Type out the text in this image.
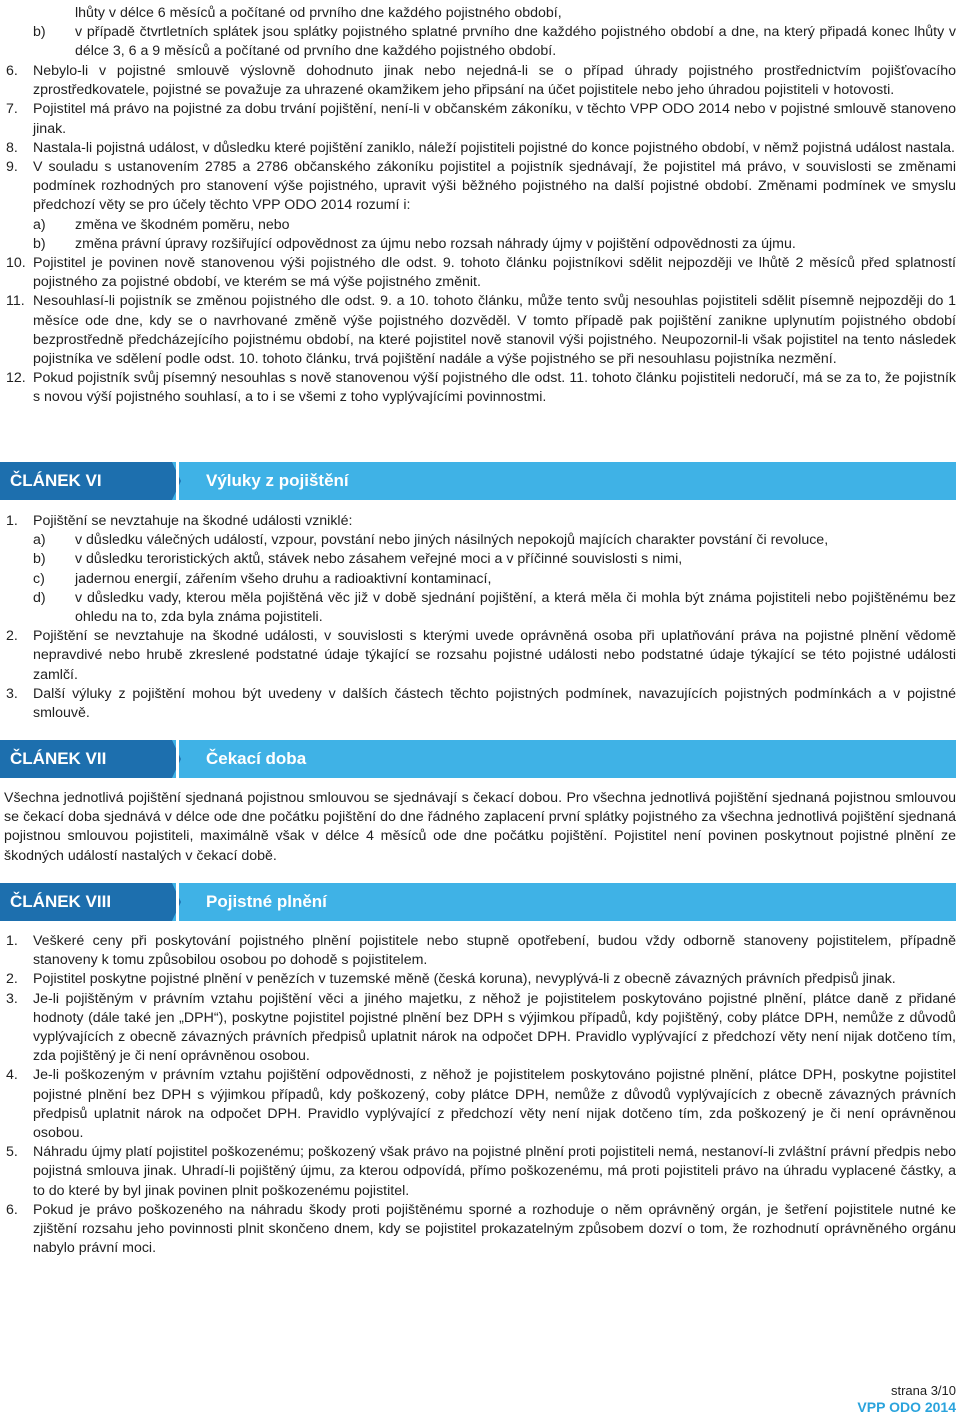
lhůty v délce 6 měsíců a počítané od prvního dne každého pojistného období,
b) v případě čtvrtletních splátek jsou splátky pojistného splatné prvního dne každého pojistného období a dne, na který připadá konec lhůty v délce 3, 6 a 9 měsíců a počítané od prvního dne každého pojistného období.
6. Nebylo-li v pojistné smlouvě výslovně dohodnuto jinak nebo nejedná-li se o případ úhrady pojistného prostřednictvím pojišťovacího zprostředkovatele, pojistné se považuje za uhrazené okamžikem jeho připsání na účet pojistitele nebo jeho úhradou pojistiteli v hotovosti.
7. Pojistitel má právo na pojistné za dobu trvání pojištění, není-li v občanském zákoníku, v těchto VPP ODO 2014 nebo v pojistné smlouvě stanoveno jinak.
8. Nastala-li pojistná událost, v důsledku které pojištění zaniklo, náleží pojistiteli pojistné do konce pojistného období, v němž pojistná událost nastala.
9. V souladu s ustanovením 2785 a 2786 občanského zákoníku pojistitel a pojistník sjednávají, že pojistitel má právo, v souvislosti se změnami podmínek rozhodných pro stanovení výše pojistného, upravit výši běžného pojistného na další pojistné období. Změnami podmínek ve smyslu předchozí věty se pro účely těchto VPP ODO 2014 rozumí i:
a) změna ve škodném poměru, nebo
b) změna právní úpravy rozšiřující odpovědnost za újmu nebo rozsah náhrady újmy v pojištění odpovědnosti za újmu.
10. Pojistitel je povinen nově stanovenou výši pojistného dle odst. 9. tohoto článku pojistníkovi sdělit nejpozději ve lhůtě 2 měsíců před splatností pojistného za pojistné období, ve kterém se má výše pojistného změnit.
11. Nesouhlasí-li pojistník se změnou pojistného dle odst. 9. a 10. tohoto článku, může tento svůj nesouhlas pojistiteli sdělit písemně nejpozději do 1 měsíce ode dne, kdy se o navrhované změně výše pojistného dozvěděl. V tomto případě pak pojištění zanikne uplynutím pojistného období bezprostředně předcházejícího pojistnému období, na které pojistitel nově stanovil výši pojistného. Neupozornil-li však pojistitel na tento následek pojistníka ve sdělení podle odst. 10. tohoto článku, trvá pojištění nadále a výše pojistného se při nesouhlasu pojistníka nezmění.
12. Pokud pojistník svůj písemný nesouhlas s nově stanovenou výší pojistného dle odst. 11. tohoto článku pojistiteli nedoručí, má se za to, že pojistník s novou výší pojistného souhlasí, a to i se všemi z toho vyplývajícími povinnostmi.
ČLÁNEK VI	Výluky z pojištění
1. Pojištění se nevztahuje na škodné události vzniklé:
a) v důsledku válečných událostí, vzpour, povstání nebo jiných násilných nepokojů majících charakter povstání či revoluce,
b) v důsledku teroristických aktů, stávek nebo zásahem veřejné moci a v příčinné souvislosti s nimi,
c) jadernou energií, zářením všeho druhu a radioaktivní kontaminací,
d) v důsledku vady, kterou měla pojištěná věc již v době sjednání pojištění, a která měla či mohla být známa pojistiteli nebo pojištěnému bez ohledu na to, zda byla známa pojistiteli.
2. Pojištění se nevztahuje na škodné události, v souvislosti s kterými uvede oprávněná osoba při uplatňování práva na pojistné plnění vědomě nepravdivé nebo hrubě zkreslené podstatné údaje týkající se rozsahu pojistné události nebo podstatné údaje týkající se této pojistné události zamlčí.
3. Další výluky z pojištění mohou být uvedeny v dalších částech těchto pojistných podmínek, navazujících pojistných podmínkách a v pojistné smlouvě.
ČLÁNEK VII	Čekací doba
Všechna jednotlivá pojištění sjednaná pojistnou smlouvou se sjednávají s čekací dobou. Pro všechna jednotlivá pojištění sjednaná pojistnou smlouvou se čekací doba sjednává v délce ode dne počátku pojištění do dne řádného zaplacení první splátky pojistného za všechna jednotlivá pojištění sjednaná pojistnou smlouvou pojistiteli, maximálně však v délce 4 měsíců ode dne počátku pojištění. Pojistitel není povinen poskytnout pojistné plnění ze škodných událostí nastalých v čekací době.
ČLÁNEK VIII	Pojistné plnění
1. Veškeré ceny při poskytování pojistného plnění pojistitele nebo stupně opotřebení, budou vždy odborně stanoveny pojistitelem, případně stanoveny k tomu způsobilou osobou po dohodě s pojistitelem.
2. Pojistitel poskytne pojistné plnění v penězích v tuzemské měně (česká koruna), nevyplývá-li z obecně závazných právních předpisů jinak.
3. Je-li pojištěným v právním vztahu pojištění věci a jiného majetku, z něhož je pojistitelem poskytováno pojistné plnění, plátce daně z přidané hodnoty (dále také jen „DPH“), poskytne pojistitel pojistné plnění bez DPH s výjimkou případů, kdy pojištěný, coby plátce DPH, nemůže z důvodů vyplývajících z obecně závazných právních předpisů uplatnit nárok na odpočet DPH. Pravidlo vyplývající z předchozí věty není nijak dotčeno tím, zda pojištěný je či není oprávněnou osobou.
4. Je-li poškozeným v právním vztahu pojištění odpovědnosti, z něhož je pojistitelem poskytováno pojistné plnění, plátce DPH, poskytne pojistitel pojistné plnění bez DPH s výjimkou případů, kdy poškozený, coby plátce DPH, nemůže z důvodů vyplývajících z obecně závazných právních předpisů uplatnit nárok na odpočet DPH. Pravidlo vyplývající z předchozí věty není nijak dotčeno tím, zda poškozený je či není oprávněnou osobou.
5. Náhradu újmy platí pojistitel poškozenému; poškozený však právo na pojistné plnění proti pojistiteli nemá, nestanoví-li zvláštní právní předpis nebo pojistná smlouva jinak. Uhradí-li pojištěný újmu, za kterou odpovídá, přímo poškozenému, má proti pojistiteli právo na úhradu vyplacené částky, a to do které by byl jinak povinen plnit poškozenému pojistitel.
6. Pokud je právo poškozeného na náhradu škody proti pojištěnému sporné a rozhoduje o něm oprávněný orgán, je šetření pojistitele nutné ke zjištění rozsahu jeho povinnosti plnit skončeno dnem, kdy se pojistitel prokazatelným způsobem dozví o tom, že rozhodnutí oprávněného orgánu nabylo právní moci.
strana 3/10
VPP ODO 2014
